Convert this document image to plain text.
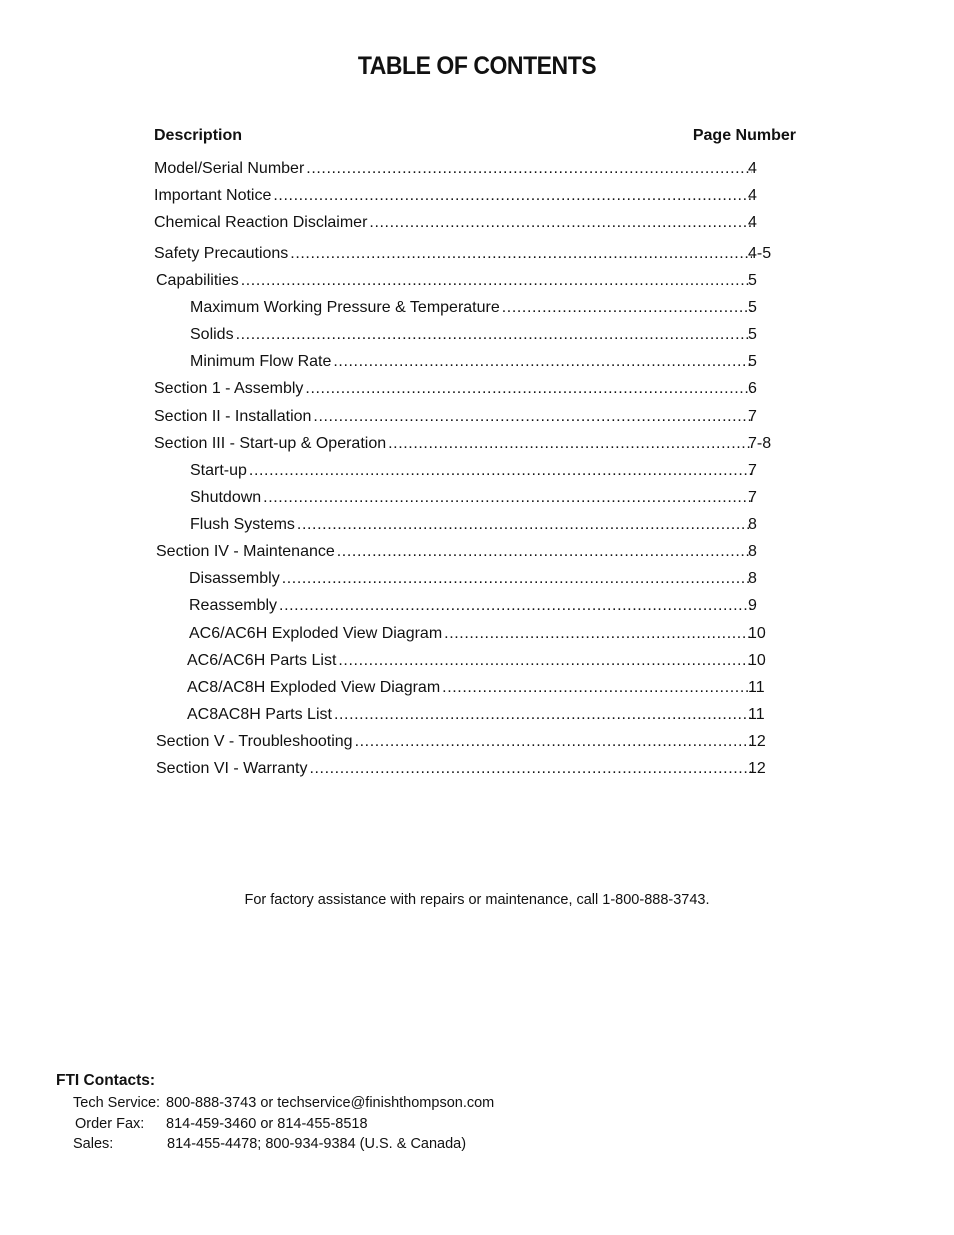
TABLE OF CONTENTS
Description	Page Number
Model/Serial Number
.....
Important Notice
.....
Chemical Reaction Disclaimer
.....
Safety Precautions
.....
Capabilities
.....
Maximum Working Pressure & Temperature
.....
Solids
.....
Minimum Flow Rate
.....
Section 1 - Assembly
.....
Section II - Installation
.....
Section III - Start-up & Operation
.....
Start-up
.....
Shutdown
.....
Flush Systems
.....
Section IV - Maintenance
.....
Disassembly
.....
Reassembly
.....
AC6/AC6H Exploded View Diagram
.....
AC6/AC6H Parts List
.....
AC8/AC8H Exploded View Diagram
.....
AC8AC8H Parts List
.....
Section V - Troubleshooting
.....
Section VI - Warranty
.....
4
4
4
4-5
5
5
5
5
6
7
7-8
7
7
8
8
8
9
10
10
11
11
12
12
For factory assistance with repairs or maintenance, call 1-800-888-3743.
FTI Contacts:
Tech Service: 800-888-3743 or techservice@finishthompson.com
Order Fax: 814-459-3460 or 814-455-8518
Sales:	814-455-4478; 800-934-9384 (U.S. & Canada)
